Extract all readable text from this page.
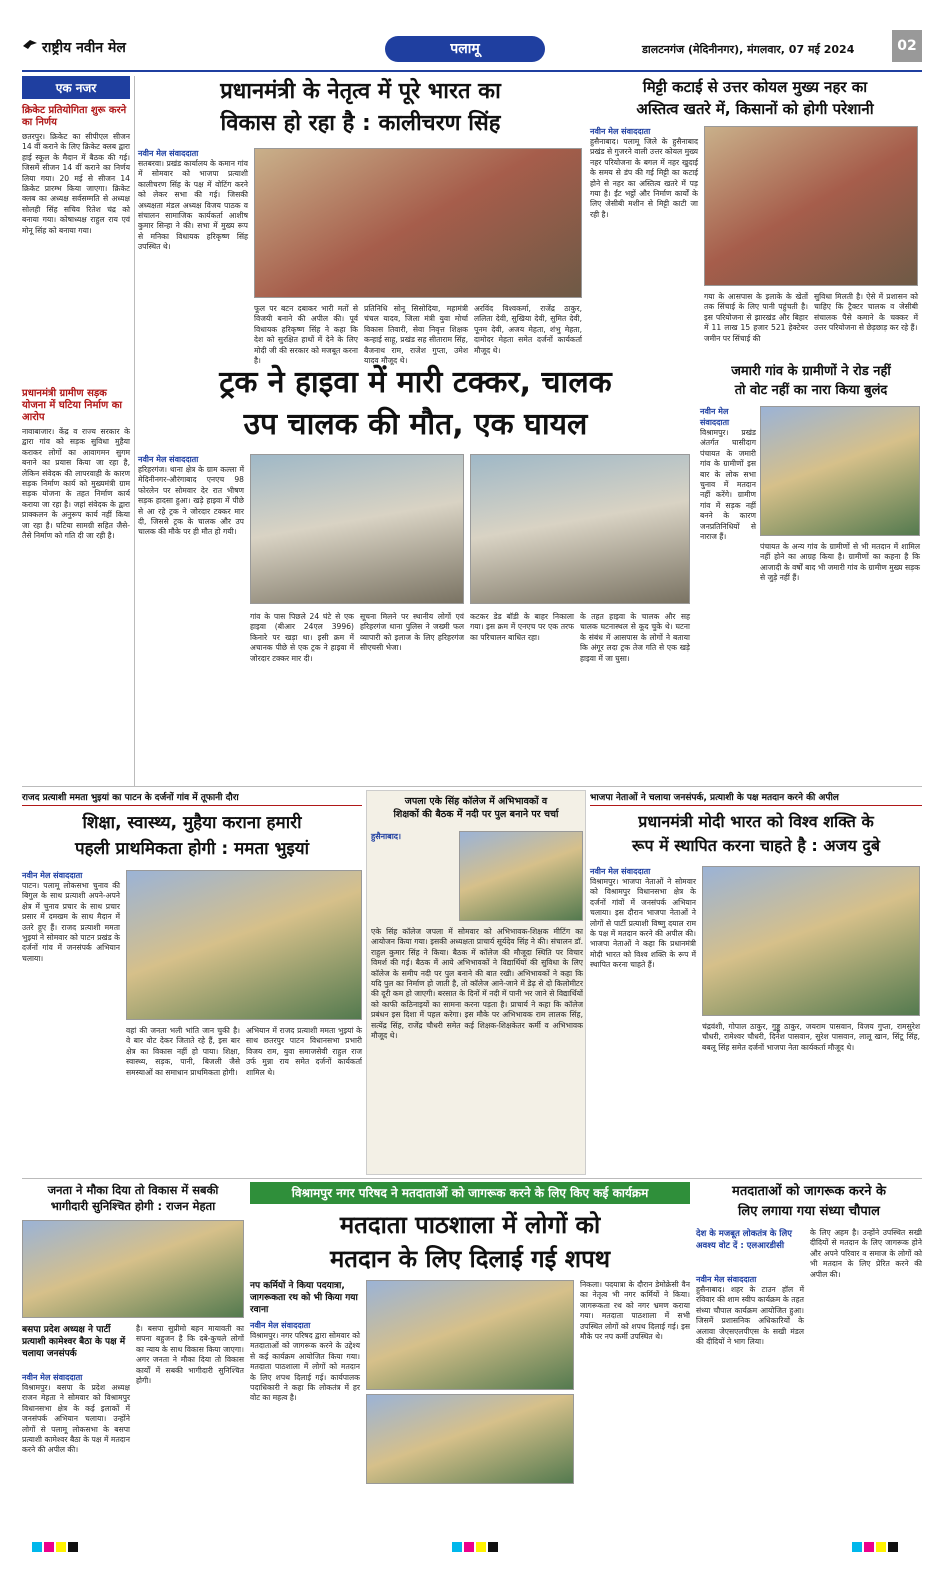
राष्ट्रीय नवीन मेल	पलामू	डालटनगंज (मेदिनीनगर), मंगलवार, 07 मई 2024	02
एक नजर
क्रिकेट प्रतियोगिता शुरू करने का निर्णय
छतरपुर। क्रिकेट का सीपीएल सीजन 14 वीं कराने के लिए क्रिकेट क्लब द्वारा हाई स्कूल के मैदान में बैठक की गई। जिसमें सीजन 14 वीं कराने का निर्णय लिया गया। 20 मई से सीजन 14 क्रिकेट प्रारम्भ किया जाएगा। क्रिकेट क्लब का अध्यक्ष सर्वसम्मति से अध्यक्ष सोलही सिंह सचिव रितेश चंद्र को बनाया गया। कोषाध्यक्ष राहुल राय एवं मोनू सिंह को बनाया गया।
प्रधानमंत्री ग्रामीण सड़क योजना में घटिया निर्माण का आरोप
नावाबाजार। केंद्र व राज्य सरकार के द्वारा गांव को सड़क सुविधा मुहैया कराकर लोगों का आवागमन सुगम बनाने का प्रयास किया जा रहा है, लेकिन संवेदक की लापरवाही के कारण सड़क निर्माण कार्य को मुख्यमंत्री ग्राम सड़क योजना के तहत निर्माण कार्य कराया जा रहा है। जहां संवेदक के द्वारा प्राक्कलन के अनुरूप कार्य नहीं किया जा रहा है। घटिया सामग्री सहित जैसे-तैसे निर्माण को गति दी जा रही है।
प्रधानमंत्री के नेतृत्व में पूरे भारत का
विकास हो रहा है : कालीचरण सिंह
नवीन मेल संवाददाता
सतबरवा। प्रखंड कार्यालय के कमान गांव में सोमवार को भाजपा प्रत्याशी कालीचरण सिंह के पक्ष में वोटिंग करने को लेकर सभा की गई। जिसकी अध्यक्षता मंडल अध्यक्ष विजय पाठक व संचालन सामाजिक कार्यकर्ता आशीष कुमार सिन्हा ने की। सभा में मुख्य रूप से मनिका विधायक हरिकृष्ण सिंह उपस्थित थे।
फूल पर बटन दबाकर भारी मतों से विजयी बनाने की अपील की। पूर्व विधायक हरिकृष्ण सिंह ने कहा कि देश को सुरक्षित हाथों में देने के लिए मोदी जी की सरकार को मजबूत करना है।
प्रतिनिधि सोनू सिसोदिया, महामंत्री चंचल यादव, जिला मंत्री युवा मोर्चा विकास तिवारी, सेवा निवृत्त शिक्षक कन्हाई साहू, प्रखंड सह सीताराम सिंह, बैजनाथ राम, राजेश गुप्ता, उमेश यादव मौजूद थे।
अरविंद विश्वकर्मा, राजेंद्र ठाकुर, ललिता देवी, सुखिया देवी, सुमित देवी, पूनम देवी, अजय मेहता, शंभु मेहता, दामोदर मेहता समेत दर्जनों कार्यकर्ता मौजूद थे।
मिट्टी कटाई से उत्तर कोयल मुख्य नहर का
अस्तित्व खतरे में, किसानों को होगी परेशानी
नवीन मेल संवाददाता
हुसैनाबाद। पलामू जिले के हुसैनाबाद प्रखंड से गुजरने वाली उत्तर कोयल मुख्य नहर परियोजना के बगल में नहर खुदाई के समय से डंप की गई मिट्टी का कटाई होने से नहर का अस्तित्व खतरे में पड़ गया है। ईंट भट्ठों और निर्माण कार्यों के लिए जेसीबी मशीन से मिट्टी काटी जा रही है।
गया के आसपास के इलाके के खेतों तक सिंचाई के लिए पानी पहुंचती है। इस परियोजना से झारखंड और बिहार में 11 लाख 15 हजार 521 हेक्टेयर जमीन पर सिंचाई की
सुविधा मिलती है। ऐसे में प्रशासन को चाहिए कि ट्रैक्टर चालक व जेसीबी संचालक पैसे कमाने के चक्कर में उत्तर परियोजना से छेड़छाड़ कर रहे हैं।
ट्रक ने हाइवा में मारी टक्कर, चालक
उप चालक की मौत, एक घायल
नवीन मेल संवाददाता
हरिहरगंज। थाना क्षेत्र के ग्राम कल्ला में मेदिनीनगर-औरंगाबाद एनएच 98 फोरलेन पर सोमवार देर रात भीषण सड़क हादसा हुआ। खड़े हाइवा में पीछे से आ रहे ट्रक ने जोरदार टक्कर मार दी, जिससे ट्रक के चालक और उप चालक की मौके पर ही मौत हो गयी।
गांव के पास पिछले 24 घंटे से एक हाइवा (बीआर 24एल 3996) किनारे पर खड़ा था। इसी क्रम में अचानक पीछे से एक ट्रक ने हाइवा में जोरदार टक्कर मार दी।
सूचना मिलने पर स्थानीय लोगों एवं हरिहरगंज थाना पुलिस ने जख्मी फल व्यापारी को इलाज के लिए हरिहरगंज सीएचसी भेजा।
कटकर डेड बॉडी के बाहर निकाला गया। इस क्रम में एनएच पर एक तरफ का परिचालन बाधित रहा।
के तहत हाइवा के चालक और सह चालक घटनास्थल से कूद चुके थे। घटना के संबंध में आसपास के लोगों ने बताया कि अंगूर लदा ट्रक तेज गति से एक खड़े हाइवा में जा घुसा।
जमारी गांव के ग्रामीणों ने रोड नहीं
तो वोट नहीं का नारा किया बुलंद
नवीन मेल संवाददाता
विश्रामपुर। प्रखंड अंतर्गत घासीदाग पंचायत के जमारी गांव के ग्रामीणों इस बार के लोक सभा चुनाव में मतदान नहीं करेंगे। ग्रामीण गांव में सड़क नहीं बनने के कारण जनप्रतिनिधियों से नाराज हैं।
पंचायत के अन्य गांव के ग्रामीणों से भी मतदान में शामिल नहीं होने का आग्रह किया है। ग्रामीणों का कहना है कि आजादी के वर्षों बाद भी जमारी गांव के ग्रामीण मुख्य सड़क से जुड़े नहीं हैं।
राजद प्रत्याशी ममता भुइयां का पाटन के दर्जनों गांव में तूफानी दौरा
शिक्षा, स्वास्थ्य, मुहैया कराना हमारी
पहली प्राथमिकता होगी : ममता भुइयां
नवीन मेल संवाददाता
पाटन। पलामू लोकसभा चुनाव की बिगुल के साथ प्रत्याशी अपने-अपने क्षेत्र में चुनाव प्रचार के साथ प्रचार प्रसार में दमखम के साथ मैदान में उतरे हुए हैं। राजद प्रत्याशी ममता भुइयां ने सोमवार को पाटन प्रखंड के दर्जनों गांव में जनसंपर्क अभियान चलाया।
वहां की जनता भली भांति जान चुकी है। वे बार वोट देकर जिताते रहे हैं, इस बार क्षेत्र का विकास नहीं हो पाया। शिक्षा, स्वास्थ्य, सड़क, पानी, बिजली जैसे समस्याओं का समाधान प्राथमिकता होगी।
अभियान में राजद प्रत्याशी ममता भुइयां के साथ छतरपुर पाटन विधानसभा प्रभारी विजय राम, युवा समाजसेवी राहुल राज उर्फ मुन्ना राय समेत दर्जनों कार्यकर्ता शामिल थे।
जपला एके सिंह कॉलेज में अभिभावकों व
शिक्षकों की बैठक में नदी पर पुल बनाने पर चर्चा
हुसैनाबाद।
एके सिंह कॉलेज जपला में सोमवार को अभिभावक-शिक्षक मीटिंग का आयोजन किया गया। इसकी अध्यक्षता प्राचार्य सूर्यदेव सिंह ने की। संचालन डॉ. राहुल कुमार सिंह ने किया। बैठक में कॉलेज की मौजूदा स्थिति पर विचार विमर्श की गई। बैठक में आये अभिभावकों ने विद्यार्थियों की सुविधा के लिए कॉलेज के समीप नदी पर पुल बनाने की बात रखी। अभिभावकों ने कहा कि यदि पुल का निर्माण हो जाती है, तो कॉलेज आने-जाने में डेढ़ से दो किलोमीटर की दूरी कम हो जाएगी। बरसात के दिनों में नदी में पानी भर जाने से विद्यार्थियों को काफी कठिनाइयों का सामना करना पड़ता है। प्राचार्य ने कहा कि कॉलेज प्रबंधन इस दिशा में पहल करेगा। इस मौके पर अभिभावक राम लालक सिंह, सत्येंद्र सिंह, राजेंद्र चौधरी समेत कई शिक्षक-शिक्षकेतर कर्मी व अभिभावक मौजूद थे।
भाजपा नेताओं ने चलाया जनसंपर्क, प्रत्याशी के पक्ष मतदान करने की अपील
प्रधानमंत्री मोदी भारत को विश्व शक्ति के
रूप में स्थापित करना चाहते है : अजय दुबे
नवीन मेल संवाददाता
विश्रामपुर। भाजपा नेताओं ने सोमवार को विश्रामपुर विधानसभा क्षेत्र के दर्जनों गांवों में जनसंपर्क अभियान चलाया। इस दौरान भाजपा नेताओं ने लोगों से पार्टी प्रत्याशी विष्णु दयाल राम के पक्ष में मतदान करने की अपील की। भाजपा नेताओं ने कहा कि प्रधानमंत्री मोदी भारत को विश्व शक्ति के रूप में स्थापित करना चाहते हैं।
चंद्रवंशी, गोपाल ठाकुर, गुड्डू ठाकुर, जयराम पासवान, विजय गुप्ता, रामसुरेश चौधरी, रामेश्वर चौधरी, दिनेश पासवान, सुरेश पासवान, लालू खान, सिंटू सिंह, बबलू सिंह समेत दर्जनों भाजपा नेता कार्यकर्ता मौजूद थे।
जनता ने मौका दिया तो विकास में सबकी
भागीदारी सुनिश्चित होगी : राजन मेहता
बसपा प्रदेश अध्यक्ष ने पार्टी प्रत्याशी कामेश्वर बैठा के पक्ष में चलाया जनसंपर्क
नवीन मेल संवाददाता
विश्रामपुर। बसपा के प्रदेश अध्यक्ष राजन मेहता ने सोमवार को विश्रामपुर विधानसभा क्षेत्र के कई इलाकों में जनसंपर्क अभियान चलाया। उन्होंने लोगों से पलामू लोकसभा के बसपा प्रत्याशी कामेश्वर बैठा के पक्ष में मतदान करने की अपील की।
है। बसपा सुप्रीमो बहन मायावती का सपना बहुजन है कि दबे-कुचले लोगों का न्याय के साथ विकास किया जाएगा। अगर जनता ने मौका दिया तो विकास कार्यों में सबकी भागीदारी सुनिश्चित होगी।
विश्रामपुर नगर परिषद ने मतदाताओं को जागरूक करने के लिए किए कई कार्यक्रम
मतदाता पाठशाला में लोगों को
मतदान के लिए दिलाई गई शपथ
नप कर्मियों ने किया पदयात्रा, जागरूकता रथ को भी किया गया रवाना
नवीन मेल संवाददाता
विश्रामपुर। नगर परिषद द्वारा सोमवार को मतदाताओं को जागरूक करने के उद्देश्य से कई कार्यक्रम आयोजित किया गया। मतदाता पाठशाला में लोगों को मतदान के लिए शपथ दिलाई गई। कार्यपालक पदाधिकारी ने कहा कि लोकतंत्र में हर वोट का महत्व है।
निकला। पदयात्रा के दौरान डेमोक्रेसी वैन का नेतृत्व भी नगर कर्मियों ने किया। जागरूकता रथ को नगर भ्रमण कराया गया। मतदाता पाठशाला में सभी उपस्थित लोगों को शपथ दिलाई गई। इस मौके पर नप कर्मी उपस्थित थे।
मतदाताओं को जागरूक करने के
लिए लगाया गया संध्या चौपाल
देश के मजबूत लोकतंत्र के लिए अवश्य वोट दें : एलआरडीसी
नवीन मेल संवाददाता
हुसैनाबाद। शहर के टाउन हॉल में रविवार की शाम स्वीप कार्यक्रम के तहत संध्या चौपाल कार्यक्रम आयोजित हुआ। जिसमें प्रशासनिक अधिकारियों के अलावा जेएसएलपीएस के सखी मंडल की दीदियों ने भाग लिया।
के लिए अहम है। उन्होंने उपस्थित सखी दीदियों से मतदान के लिए जागरूक होने और अपने परिवार व समाज के लोगों को भी मतदान के लिए प्रेरित करने की अपील की।
